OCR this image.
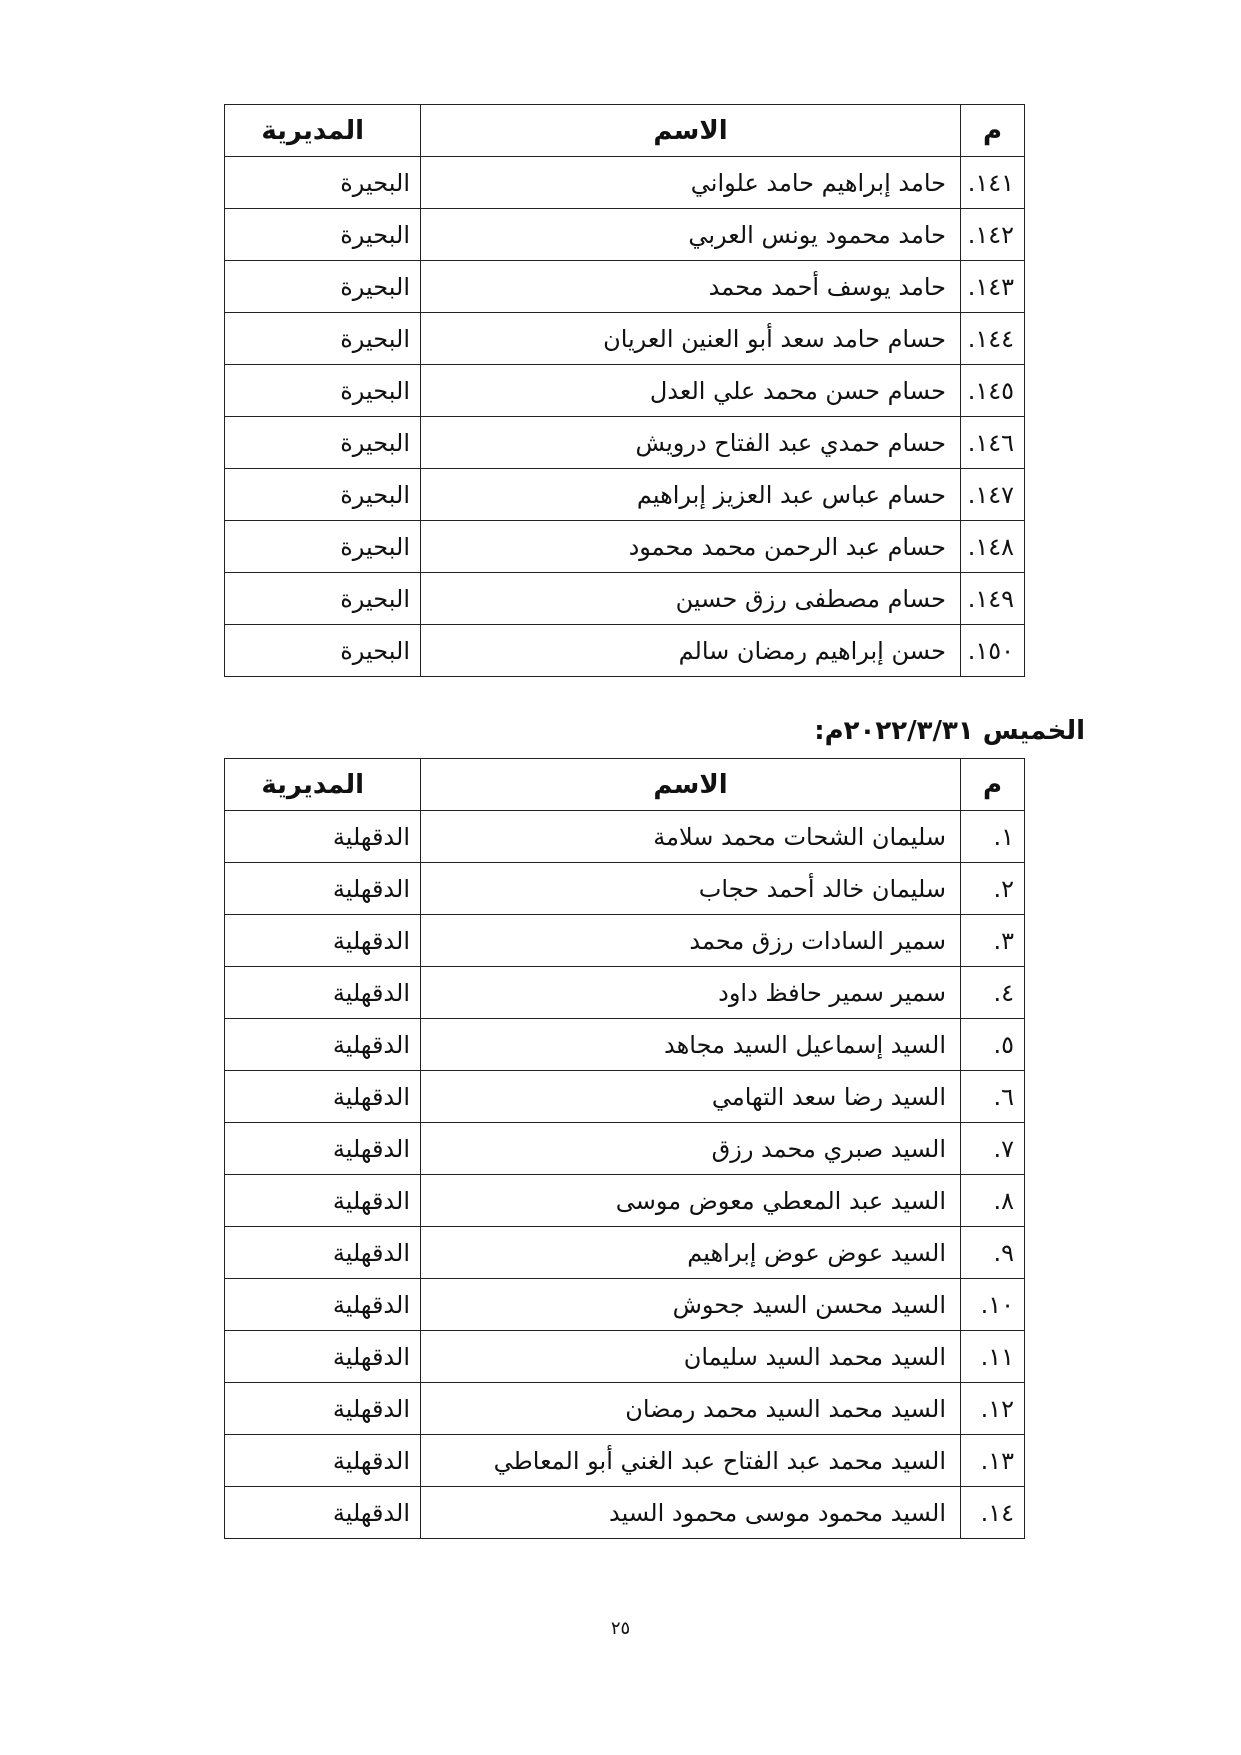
م	الاسم	المديرية
١٤١.	حامد إبراهيم حامد علواني	البحيرة
١٤٢.	حامد محمود يونس العربي	البحيرة
١٤٣.	حامد يوسف أحمد محمد	البحيرة
١٤٤.	حسام حامد سعد أبو العنين العريان	البحيرة
١٤٥.	حسام حسن محمد علي العدل	البحيرة
١٤٦.	حسام حمدي عبد الفتاح درويش	البحيرة
١٤٧.	حسام عباس عبد العزيز إبراهيم	البحيرة
١٤٨.	حسام عبد الرحمن محمد محمود	البحيرة
١٤٩.	حسام مصطفى رزق حسين	البحيرة
١٥٠.	حسن إبراهيم رمضان سالم	البحيرة
الخميس ٢٠٢٢/٣/٣١م:
م	الاسم	المديرية
١.	سليمان الشحات محمد سلامة	الدقهلية
٢.	سليمان خالد أحمد حجاب	الدقهلية
٣.	سمير السادات رزق محمد	الدقهلية
٤.	سمير سمير حافظ داود	الدقهلية
٥.	السيد إسماعيل السيد مجاهد	الدقهلية
٦.	السيد رضا سعد التهامي	الدقهلية
٧.	السيد صبري محمد رزق	الدقهلية
٨.	السيد عبد المعطي معوض موسى	الدقهلية
٩.	السيد عوض عوض إبراهيم	الدقهلية
١٠.	السيد محسن السيد جحوش	الدقهلية
١١.	السيد محمد السيد سليمان	الدقهلية
١٢.	السيد محمد السيد محمد رمضان	الدقهلية
١٣.	السيد محمد عبد الفتاح عبد الغني أبو المعاطي	الدقهلية
١٤.	السيد محمود موسى محمود السيد	الدقهلية
٢٥
